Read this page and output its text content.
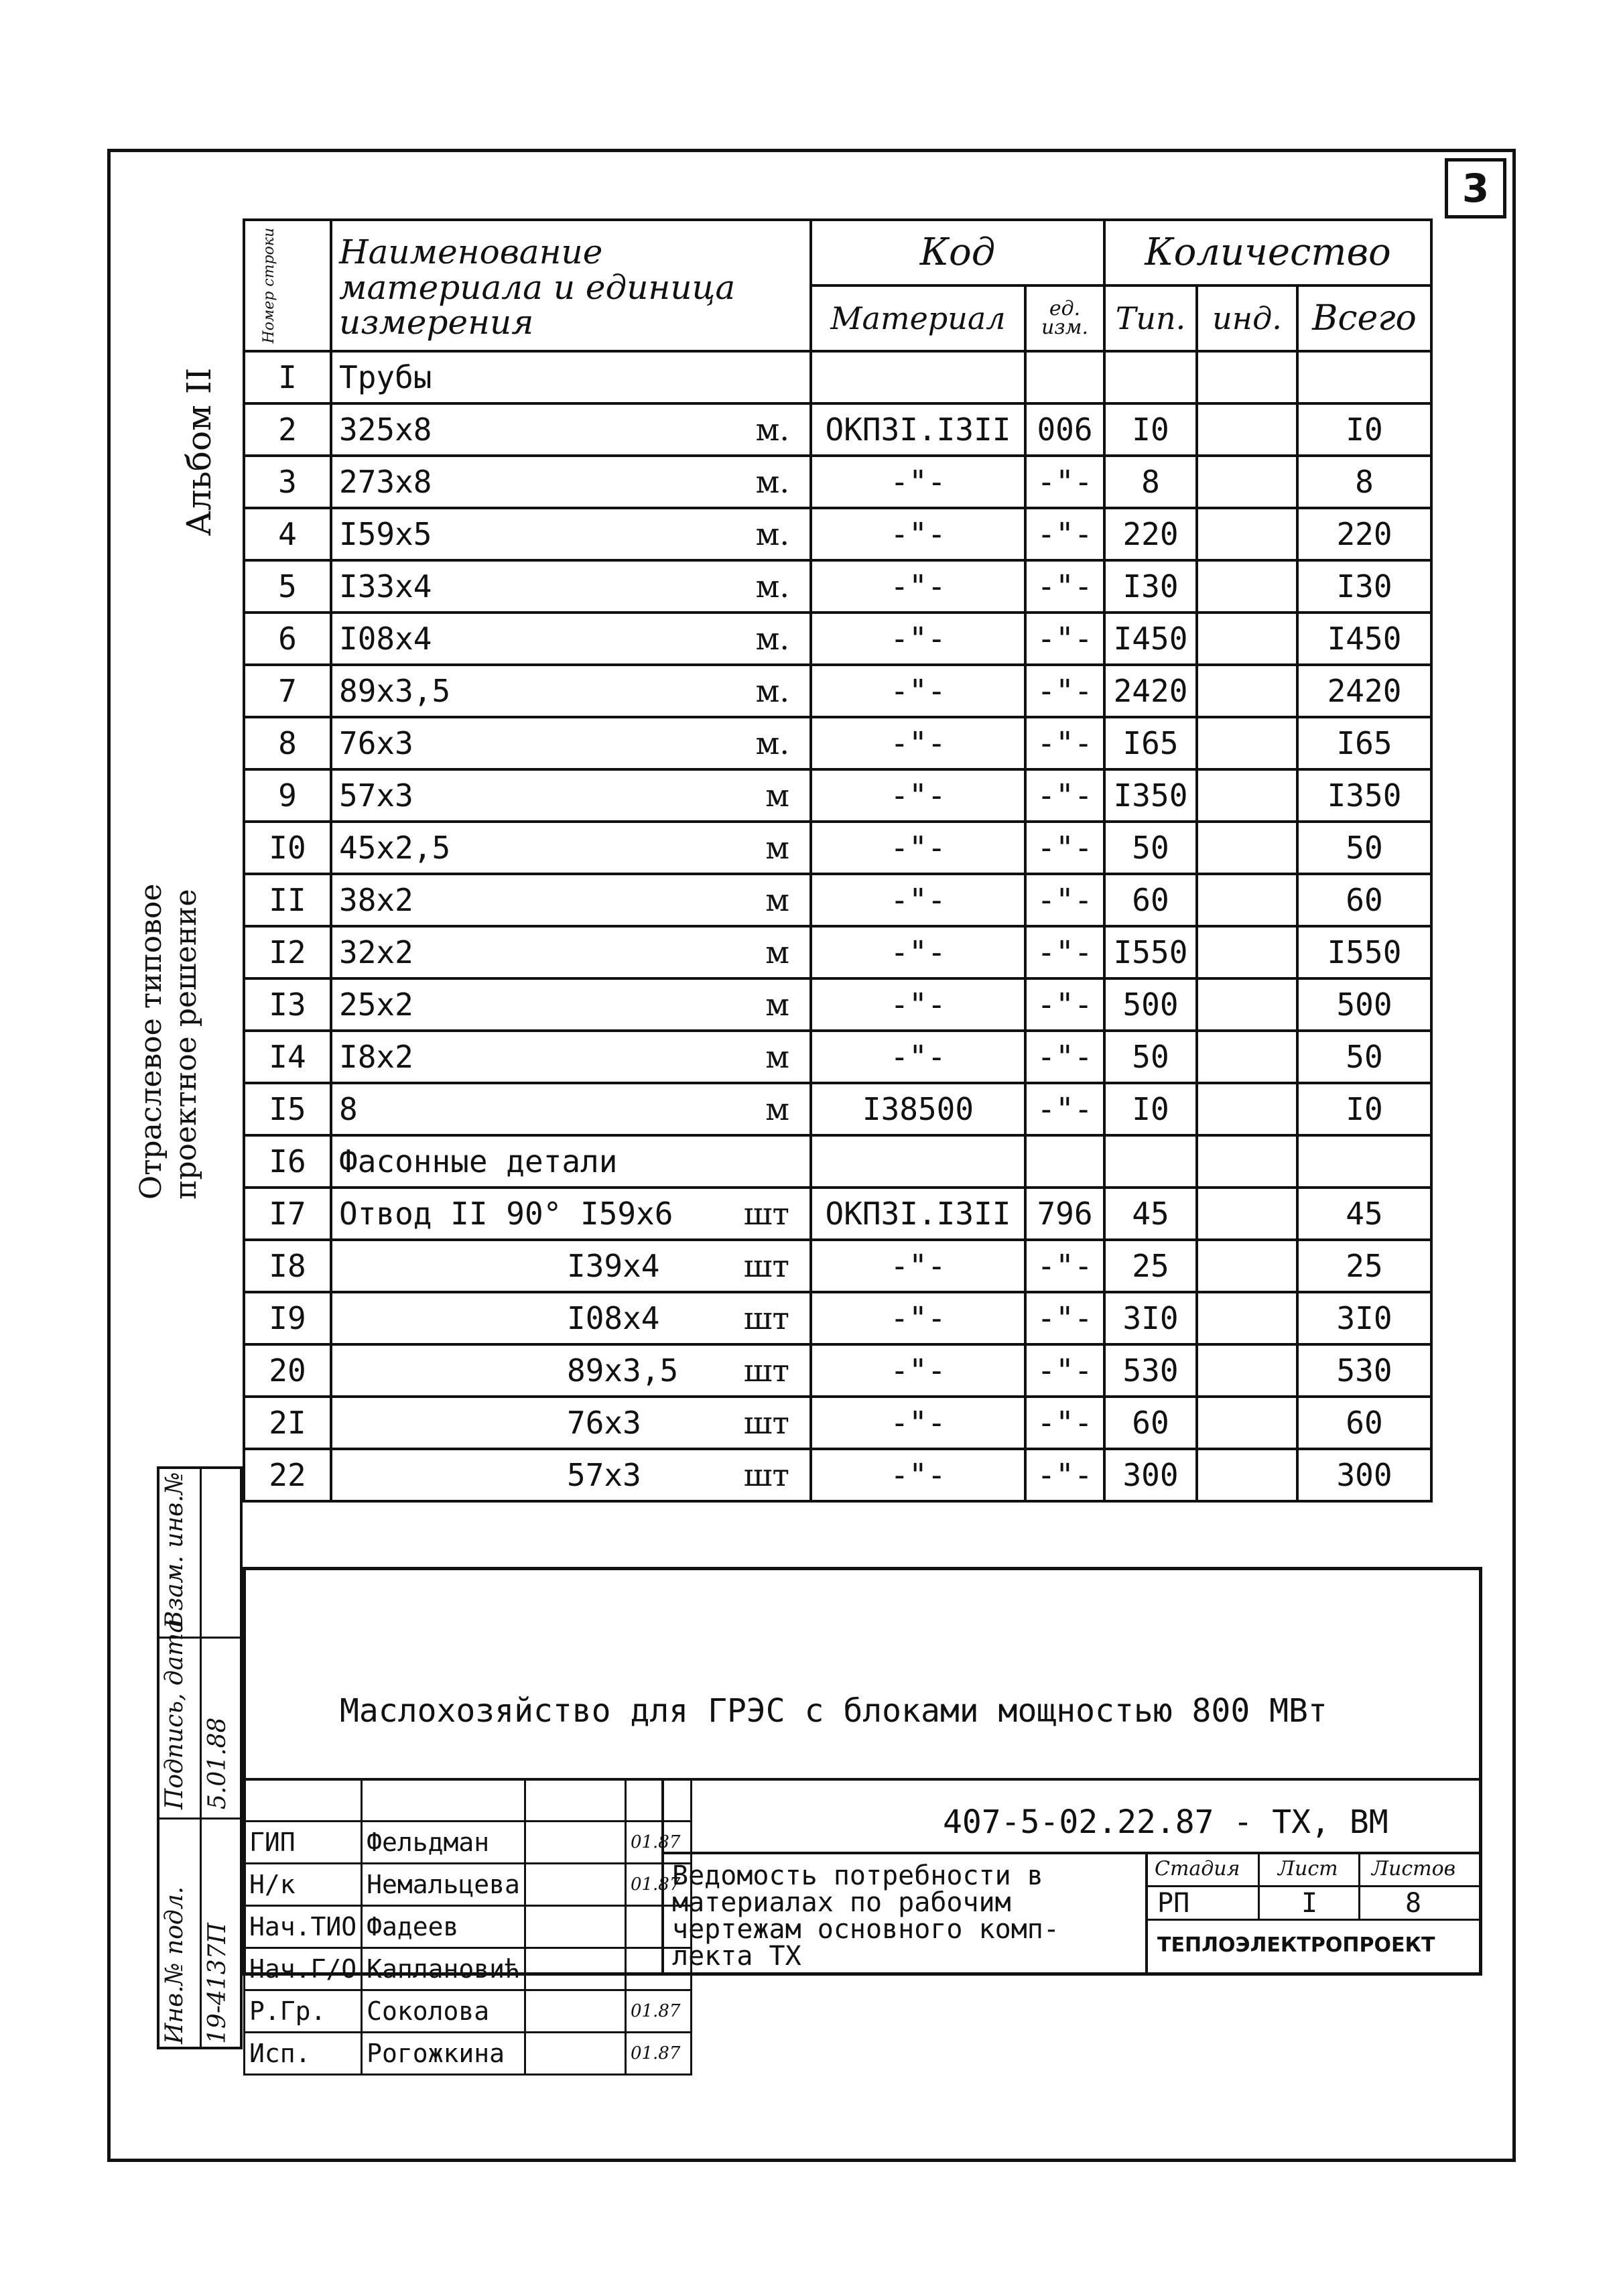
3
Альбом II
Отраслевое типовое проектное решение
Инв.№ подл.
Подпись, дата
Взам. инв.№
19-4137П
5.01.88
Номер строки	Наименование материала и единица измерения	Код		Количество		
		Материал	ед. изм.	Тип.	инд.	Всего
I	Трубы

2	325x8 м.	ОКПЗI.I3II	006	I0		I0
3	273x8 м.	-"-	-"-	8		8
4	I59x5 м.	-"-	-"-	220		220
5	I33x4 м.	-"-	-"-	I30		I30
6	I08x4 м.	-"-	-"-	I450		I450
7	89x3,5 м.	-"-	-"-	2420		2420
8	76x3 м.	-"-	-"-	I65		I65
9	57x3 м	-"-	-"-	I350		I350
I0	45x2,5 м	-"-	-"-	50		50
II	38x2 м	-"-	-"-	60		60
I2	32x2 м	-"-	-"-	I550		I550
I3	25x2 м	-"-	-"-	500		500
I4	I8x2 м	-"-	-"-	50		50
I5	8 м	I38500	-"-	I0		I0
I6	Фасонные детали

I7	Отвод II 90° I59x6 шт	ОКПЗI.I3II	796	45		45
I8	I39x4 шт	-"-	-"-	25		25
I9	I08x4 шт	-"-	-"-	3I0		3I0
20	89x3,5 шт	-"-	-"-	530		530
2I	76x3 шт	-"-	-"-	60		60
22	57x3 шт	-"-	-"-	300		300
Маслохозяйство для ГРЭС с блоками мощностью 800 МВт
407-5-02.22.87 - ТХ, ВМ
Ведомость потребности в
материалах по рабочим
чертежам основного комп-
лекта ТХ
Стадия Лист Листов
РП	I	8
ТЕПЛОЭЛЕКТРОПРОЕКТ

ГИП	Фельдман		01.87
Н/к	Немальцева		01.87
Нач.ТИО	Фадеев		
Нач.Г/О	Каплановић		
Р.Гр.	Соколова		01.87
Исп.	Рогожкина		01.87
